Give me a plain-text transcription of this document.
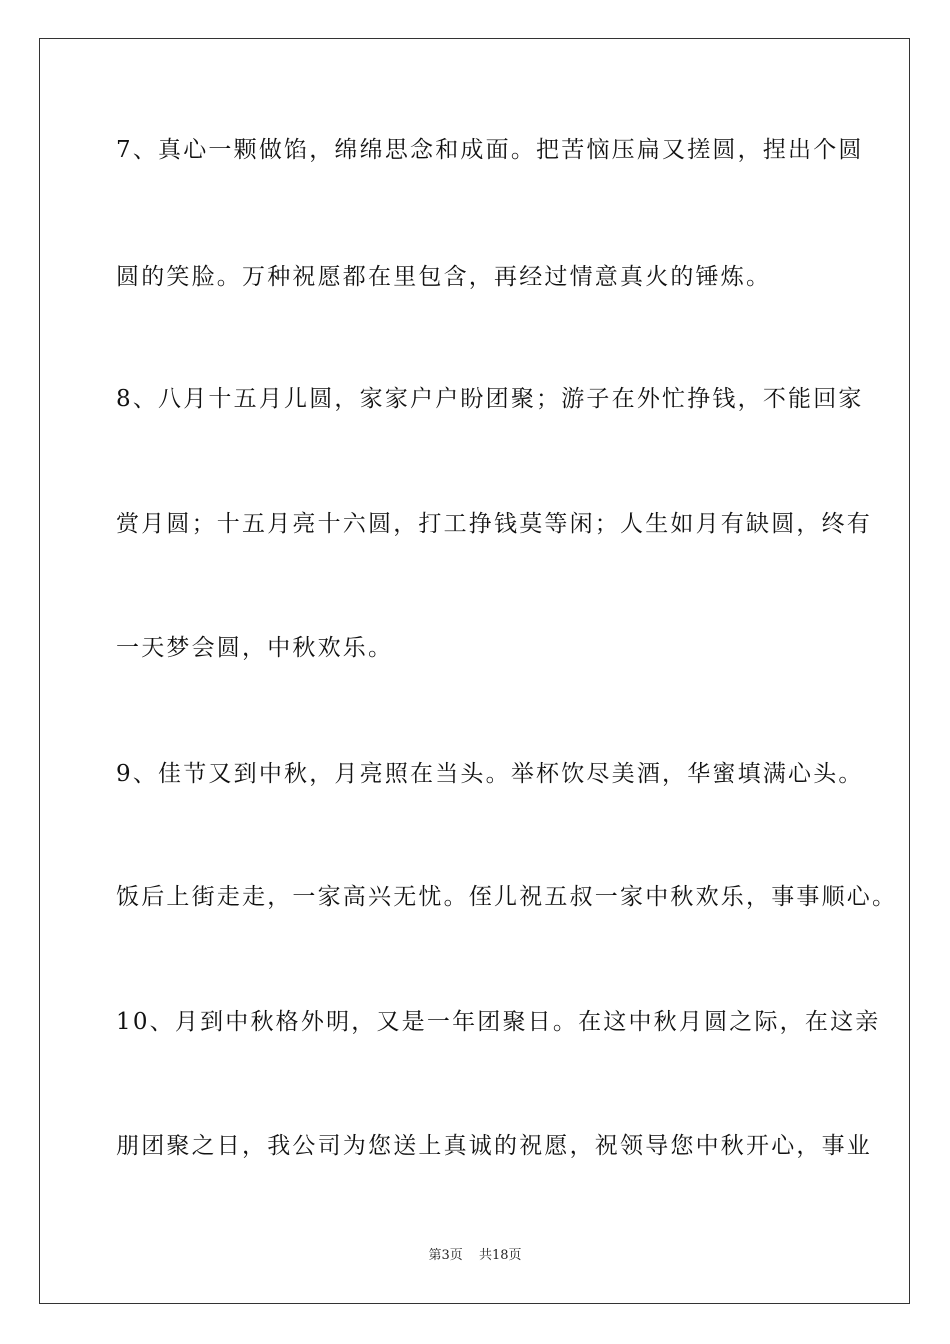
7、真心一颗做馅，绵绵思念和成面。把苦恼压扁又搓圆，捏出个圆
圆的笑脸。万种祝愿都在里包含，再经过情意真火的锤炼。
8、八月十五月儿圆，家家户户盼团聚；游子在外忙挣钱，不能回家
赏月圆；十五月亮十六圆，打工挣钱莫等闲；人生如月有缺圆，终有
一天梦会圆，中秋欢乐。
9、佳节又到中秋，月亮照在当头。举杯饮尽美酒，华蜜填满心头。
饭后上街走走，一家高兴无忧。侄儿祝五叔一家中秋欢乐，事事顺心。
10、月到中秋格外明，又是一年团聚日。在这中秋月圆之际，在这亲
朋团聚之日，我公司为您送上真诚的祝愿，祝领导您中秋开心，事业
第3页 共18页
